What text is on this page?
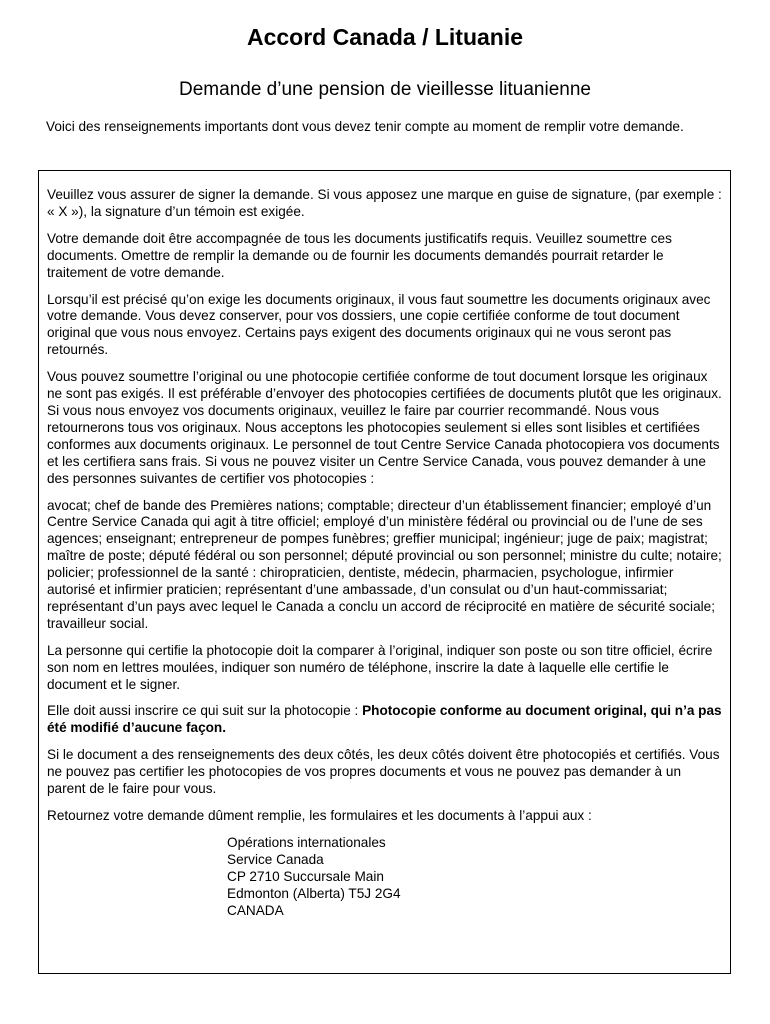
Accord Canada / Lituanie
Demande d’une pension de vieillesse lituanienne
Voici des renseignements importants dont vous devez tenir compte au moment de remplir votre demande.

Veuillez vous assurer de signer la demande. Si vous apposez une marque en guise de signature, (par exemple : « X »), la signature d’un témoin est exigée.

Votre demande doit être accompagnée de tous les documents justificatifs requis. Veuillez soumettre ces documents. Omettre de remplir la demande ou de fournir les documents demandés pourrait retarder le traitement de votre demande.

Lorsqu’il est précisé qu’on exige les documents originaux, il vous faut soumettre les documents originaux avec votre demande. Vous devez conserver, pour vos dossiers, une copie certifiée conforme de tout document original que vous nous envoyez. Certains pays exigent des documents originaux qui ne vous seront pas retournés.

Vous pouvez soumettre l’original ou une photocopie certifiée conforme de tout document lorsque les originaux ne sont pas exigés. Il est préférable d’envoyer des photocopies certifiées de documents plutôt que les originaux. Si vous nous envoyez vos documents originaux, veuillez le faire par courrier recommandé. Nous vous retournerons tous vos originaux. Nous acceptons les photocopies seulement si elles sont lisibles et certifiées conformes aux documents originaux. Le personnel de tout Centre Service Canada photocopiera vos documents et les certifiera sans frais. Si vous ne pouvez visiter un Centre Service Canada, vous pouvez demander à une des personnes suivantes de certifier vos photocopies :

avocat; chef de bande des Premières nations; comptable; directeur d’un établissement financier; employé d’un Centre Service Canada qui agit à titre officiel; employé d’un ministère fédéral ou provincial ou de l’une de ses agences; enseignant; entrepreneur de pompes funèbres; greffier municipal; ingénieur; juge de paix; magistrat; maître de poste; député fédéral ou son personnel; député provincial ou son personnel; ministre du culte; notaire; policier; professionnel de la santé : chiropraticien, dentiste, médecin, pharmacien, psychologue, infirmier autorisé et infirmier praticien; représentant d’une ambassade, d’un consulat ou d’un haut-commissariat; représentant d’un pays avec lequel le Canada a conclu un accord de réciprocité en matière de sécurité sociale; travailleur social.

La personne qui certifie la photocopie doit la comparer à l’original, indiquer son poste ou son titre officiel, écrire son nom en lettres moulées, indiquer son numéro de téléphone, inscrire la date à laquelle elle certifie le document et le signer.

Elle doit aussi inscrire ce qui suit sur la photocopie : Photocopie conforme au document original, qui n’a pas été modifié d’aucune façon.

Si le document a des renseignements des deux côtés, les deux côtés doivent être photocopiés et certifiés. Vous ne pouvez pas certifier les photocopies de vos propres documents et vous ne pouvez pas demander à un parent de le faire pour vous.

Retournez votre demande dûment remplie, les formulaires et les documents à l’appui aux :

Opérations internationales
Service Canada
CP 2710 Succursale Main
Edmonton (Alberta) T5J 2G4
CANADA
